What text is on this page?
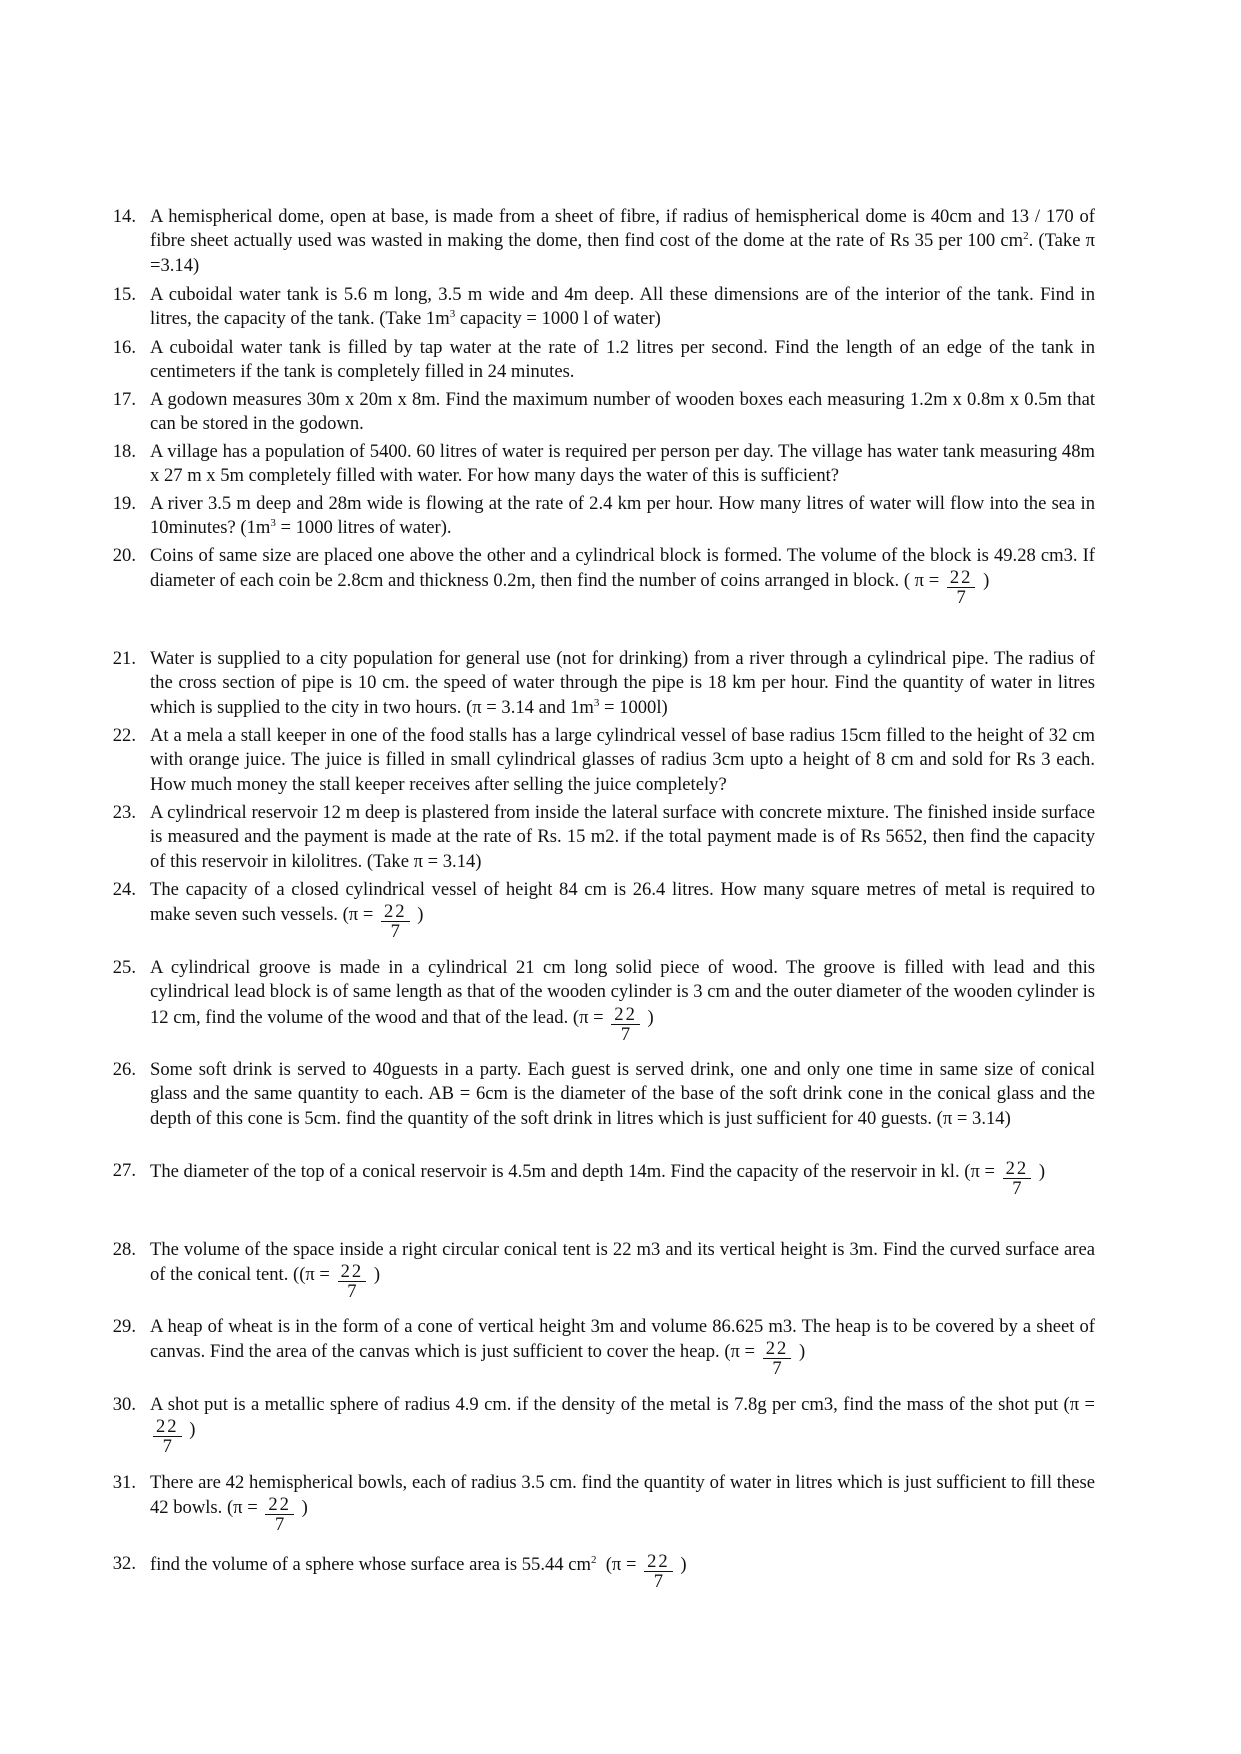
14. A hemispherical dome, open at base, is made from a sheet of fibre, if radius of hemispherical dome is 40cm and 13 / 170 of fibre sheet actually used was wasted in making the dome, then find cost of the dome at the rate of Rs 35 per 100 $cm^2$. (Take π =3.14)
15. A cuboidal water tank is 5.6 m long, 3.5 m wide and 4m deep. All these dimensions are of the interior of the tank. Find in litres, the capacity of the tank. (Take $1m^3$ capacity = 1000 l of water)
16. A cuboidal water tank is filled by tap water at the rate of 1.2 litres per second. Find the length of an edge of the tank in centimeters if the tank is completely filled in 24 minutes.
17. A godown measures 30m x 20m x 8m. Find the maximum number of wooden boxes each measuring 1.2m x 0.8m x 0.5m that can be stored in the godown.
18. A village has a population of 5400. 60 litres of water is required per person per day. The village has water tank measuring 48m x 27 m x 5m completely filled with water. For how many days the water of this is sufficient?
19. A river 3.5 m deep and 28m wide is flowing at the rate of 2.4 km per hour. How many litres of water will flow into the sea in 10minutes? ($1m^3 = 1000$ litres of water).
20. Coins of same size are placed one above the other and a cylindrical block is formed. The volume of the block is 49.28 cm3. If diameter of each coin be 2.8cm and thickness 0.2m, then find the number of coins arranged in block. ( $\pi = \frac{22}{7}$ )
21. Water is supplied to a city population for general use (not for drinking) from a river through a cylindrical pipe. The radius of the cross section of pipe is 10 cm. the speed of water through the pipe is 18 km per hour. Find the quantity of water in litres which is supplied to the city in two hours. (π = 3.14 and $1m^3 = 1000l$)
22. At a mela a stall keeper in one of the food stalls has a large cylindrical vessel of base radius 15cm filled to the height of 32 cm with orange juice. The juice is filled in small cylindrical glasses of radius 3cm upto a height of 8 cm and sold for Rs 3 each. How much money the stall keeper receives after selling the juice completely?
23. A cylindrical reservoir 12 m deep is plastered from inside the lateral surface with concrete mixture. The finished inside surface is measured and the payment is made at the rate of Rs. 15 m2. if the total payment made is of Rs 5652, then find the capacity of this reservoir in kilolitres. (Take π = 3.14)
24. The capacity of a closed cylindrical vessel of height 84 cm is 26.4 litres. How many square metres of metal is required to make seven such vessels. ($\pi = \frac{22}{7}$ )
25. A cylindrical groove is made in a cylindrical 21 cm long solid piece of wood. The groove is filled with lead and this cylindrical lead block is of same length as that of the wooden cylinder is 3 cm and the outer diameter of the wooden cylinder is 12 cm, find the volume of the wood and that of the lead. ($\pi = \frac{22}{7}$ )
26. Some soft drink is served to 40guests in a party. Each guest is served drink, one and only one time in same size of conical glass and the same quantity to each. AB = 6cm is the diameter of the base of the soft drink cone in the conical glass and the depth of this cone is 5cm. find the quantity of the soft drink in litres which is just sufficient for 40 guests. (π = 3.14)
27. The diameter of the top of a conical reservoir is 4.5m and depth 14m. Find the capacity of the reservoir in kl. ($\pi = \frac{22}{7}$ )
28. The volume of the space inside a right circular conical tent is 22 m3 and its vertical height is 3m. Find the curved surface area of the conical tent. (($\pi = \frac{22}{7}$ )
29. A heap of wheat is in the form of a cone of vertical height 3m and volume 86.625 m3. The heap is to be covered by a sheet of canvas. Find the area of the canvas which is just sufficient to cover the heap. ($\pi = \frac{22}{7}$ )
30. A shot put is a metallic sphere of radius 4.9 cm. if the density of the metal is 7.8g per cm3, find the mass of the shot put (π =
$\frac{22}{7}$ )
31. There are 42 hemispherical bowls, each of radius 3.5 cm. find the quantity of water in litres which is just sufficient to fill these 42 bowls. ($\pi = \frac{22}{7}$ )
32. find the volume of a sphere whose surface area is 55.44 $cm^2$  ($\pi = \frac{22}{7}$ )
